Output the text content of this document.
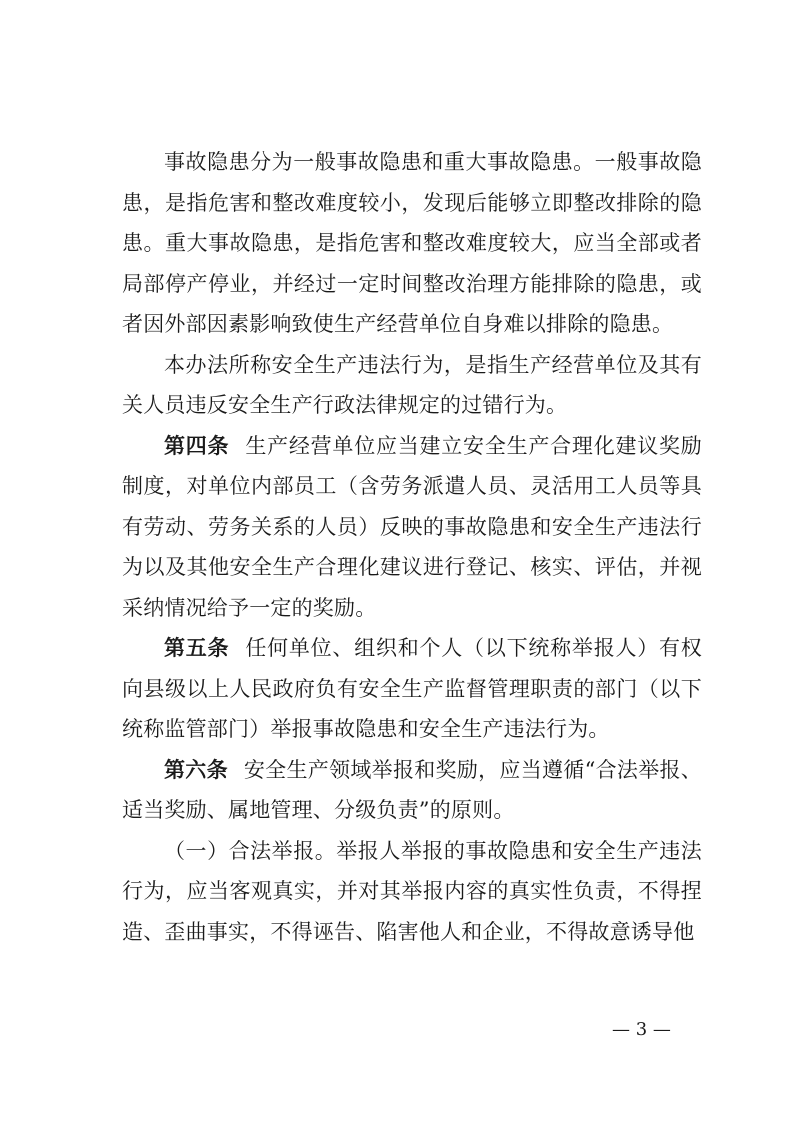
事故隐患分为一般事故隐患和重大事故隐患。一般事故隐患，是指危害和整改难度较小，发现后能够立即整改排除的隐患。重大事故隐患，是指危害和整改难度较大，应当全部或者局部停产停业，并经过一定时间整改治理方能排除的隐患，或者因外部因素影响致使生产经营单位自身难以排除的隐患。

本办法所称安全生产违法行为，是指生产经营单位及其有关人员违反安全生产行政法律规定的过错行为。

第四条 生产经营单位应当建立安全生产合理化建议奖励制度，对单位内部员工（含劳务派遣人员、灵活用工人员等具有劳动、劳务关系的人员）反映的事故隐患和安全生产违法行为以及其他安全生产合理化建议进行登记、核实、评估，并视采纳情况给予一定的奖励。

第五条 任何单位、组织和个人（以下统称举报人）有权向县级以上人民政府负有安全生产监督管理职责的部门（以下统称监管部门）举报事故隐患和安全生产违法行为。

第六条 安全生产领域举报和奖励，应当遵循“合法举报、适当奖励、属地管理、分级负责”的原则。

（一）合法举报。举报人举报的事故隐患和安全生产违法行为，应当客观真实，并对其举报内容的真实性负责，不得捏造、歪曲事实，不得诬告、陷害他人和企业，不得故意诱导他

— 3 —
